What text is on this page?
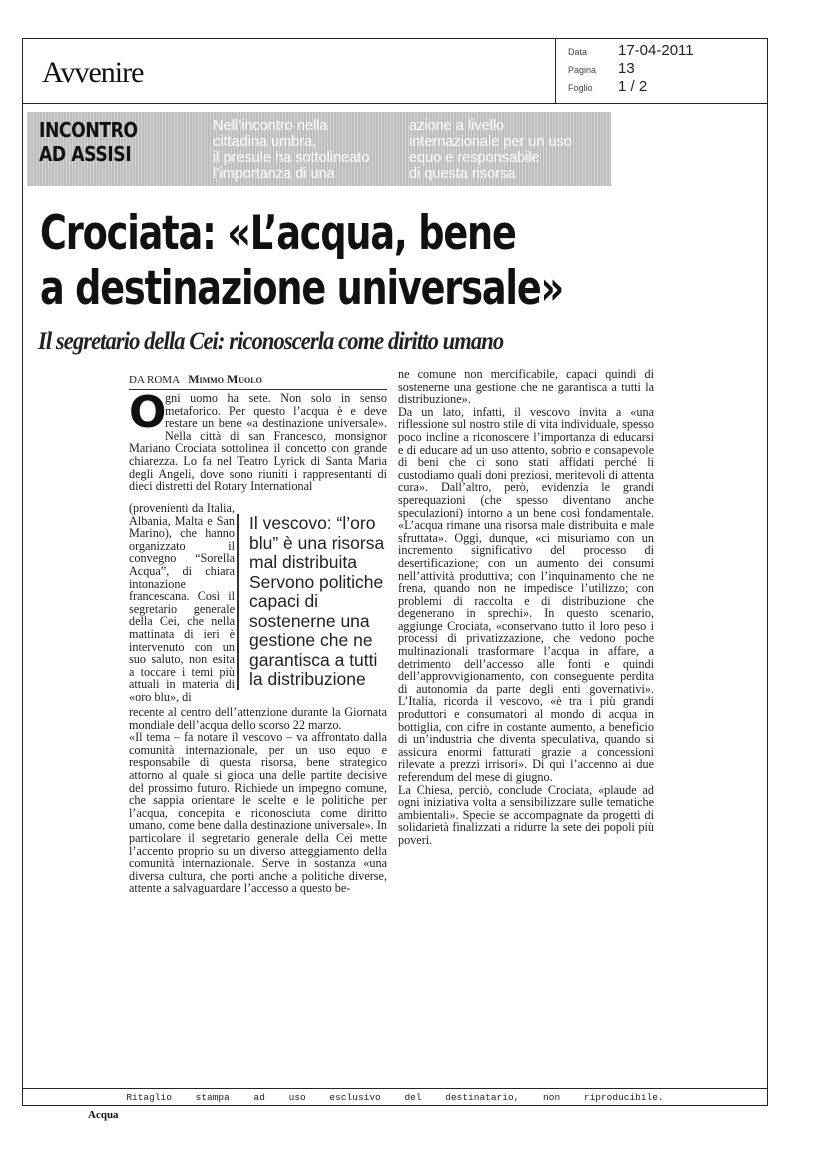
Avvenire
Data 17-04-2011
Pagina 13
Foglio 1 / 2
INCONTRO
AD ASSISI
Nell’incontro nella
cittadina umbra,
il presule ha sottolineato
l’importanza di una
azione a livello
internazionale per un uso
equo e responsabile
di questa risorsa
Crociata: «L’acqua, bene
a destinazione universale»
Il segretario della Cei: riconoscerla come diritto umano
DA ROMA Mimmo Muolo
O

gni uomo ha sete. Non solo in senso metaforico. Per questo l’acqua è e deve restare un bene «a destinazione universale». Nella città di san Francesco, monsignor Mariano Crociata sottolinea il concetto con grande chiarezza. Lo fa nel Teatro Lyrick di Santa Maria degli Angeli, dove sono riuniti i rappresentanti di dieci distretti del Rotary International

(provenienti da Italia, Albania, Malta e San Marino), che hanno organizzato il convegno “Sorella Acqua”, di chiara intonazione francescana. Così il segretario generale della Cei, che nella mattinata di ieri è intervenuto con un suo saluto, non esita a toccare i temi più attuali in materia di «oro blu», di

Il vescovo: “l’oro blu” è una risorsa mal distribuita Servono politiche capaci di sostenerne una gestione che ne garantisca a tutti la distribuzione

recente al centro dell’attenzione durante la Giornata mondiale dell’acqua dello scorso 22 marzo.

«Il tema – fa notare il vescovo – va affrontato dalla comunità internazionale, per un uso equo e responsabile di questa risorsa, bene strategico attorno al quale si gioca una delle partite decisive del prossimo futuro. Richiede un impegno comune, che sappia orientare le scelte e le politiche per l’acqua, concepita e riconosciuta come diritto umano, come bene dalla destinazione universale». In particolare il segretario generale della Cei mette l’accento proprio su un diverso atteggiamento della comunità internazionale. Serve in sostanza «una diversa cultura, che porti anche a politiche diverse, attente a salvaguardare l’accesso a questo be-

ne comune non mercificabile, capaci quindi di sostenerne una gestione che ne garantisca a tutti la distribuzione».

Da un lato, infatti, il vescovo invita a «una riflessione sul nostro stile di vita individuale, spesso poco incline a riconoscere l’importanza di educarsi e di educare ad un uso attento, sobrio e consapevole di beni che ci sono stati affidati perché li custodiamo quali doni preziosi, meritevoli di attenta cura». Dall’altro, però, evidenzia le grandi sperequazioni (che spesso diventano anche speculazioni) intorno a un bene così fondamentale. «L’acqua rimane una risorsa male distribuita e male sfruttata». Oggi, dunque, «ci misuriamo con un incremento significativo del processo di desertificazione; con un aumento dei consumi nell’attività produttiva; con l’inquinamento che ne frena, quando non ne impedisce l’utilizzo; con problemi di raccolta e di distribuzione che degenerano in sprechi». In questo scenario, aggiunge Crociata, «conservano tutto il loro peso i processi di privatizzazione, che vedono poche multinazionali trasformare l’acqua in affare, a detrimento dell’accesso alle fonti e quindi dell’approvvigionamento, con conseguente perdita di autonomia da parte degli enti governativi». L’Italia, ricorda il vescovo, «è tra i più grandi produttori e consumatori al mondo di acqua in bottiglia, con cifre in costante aumento, a beneficio di un’industria che diventa speculativa, quando si assicura enormi fatturati grazie a concessioni rilevate a prezzi irrisori». Di qui l’accenno ai due referendum del mese di giugno.

La Chiesa, perciò, conclude Crociata, «plaude ad ogni iniziativa volta a sensibilizzare sulle tematiche ambientali». Specie se accompagnate da progetti di solidarietà finalizzati a ridurre la sete dei popoli più poveri.

Ritaglio stampa ad uso esclusivo del destinatario, non riproducibile.
Acqua
